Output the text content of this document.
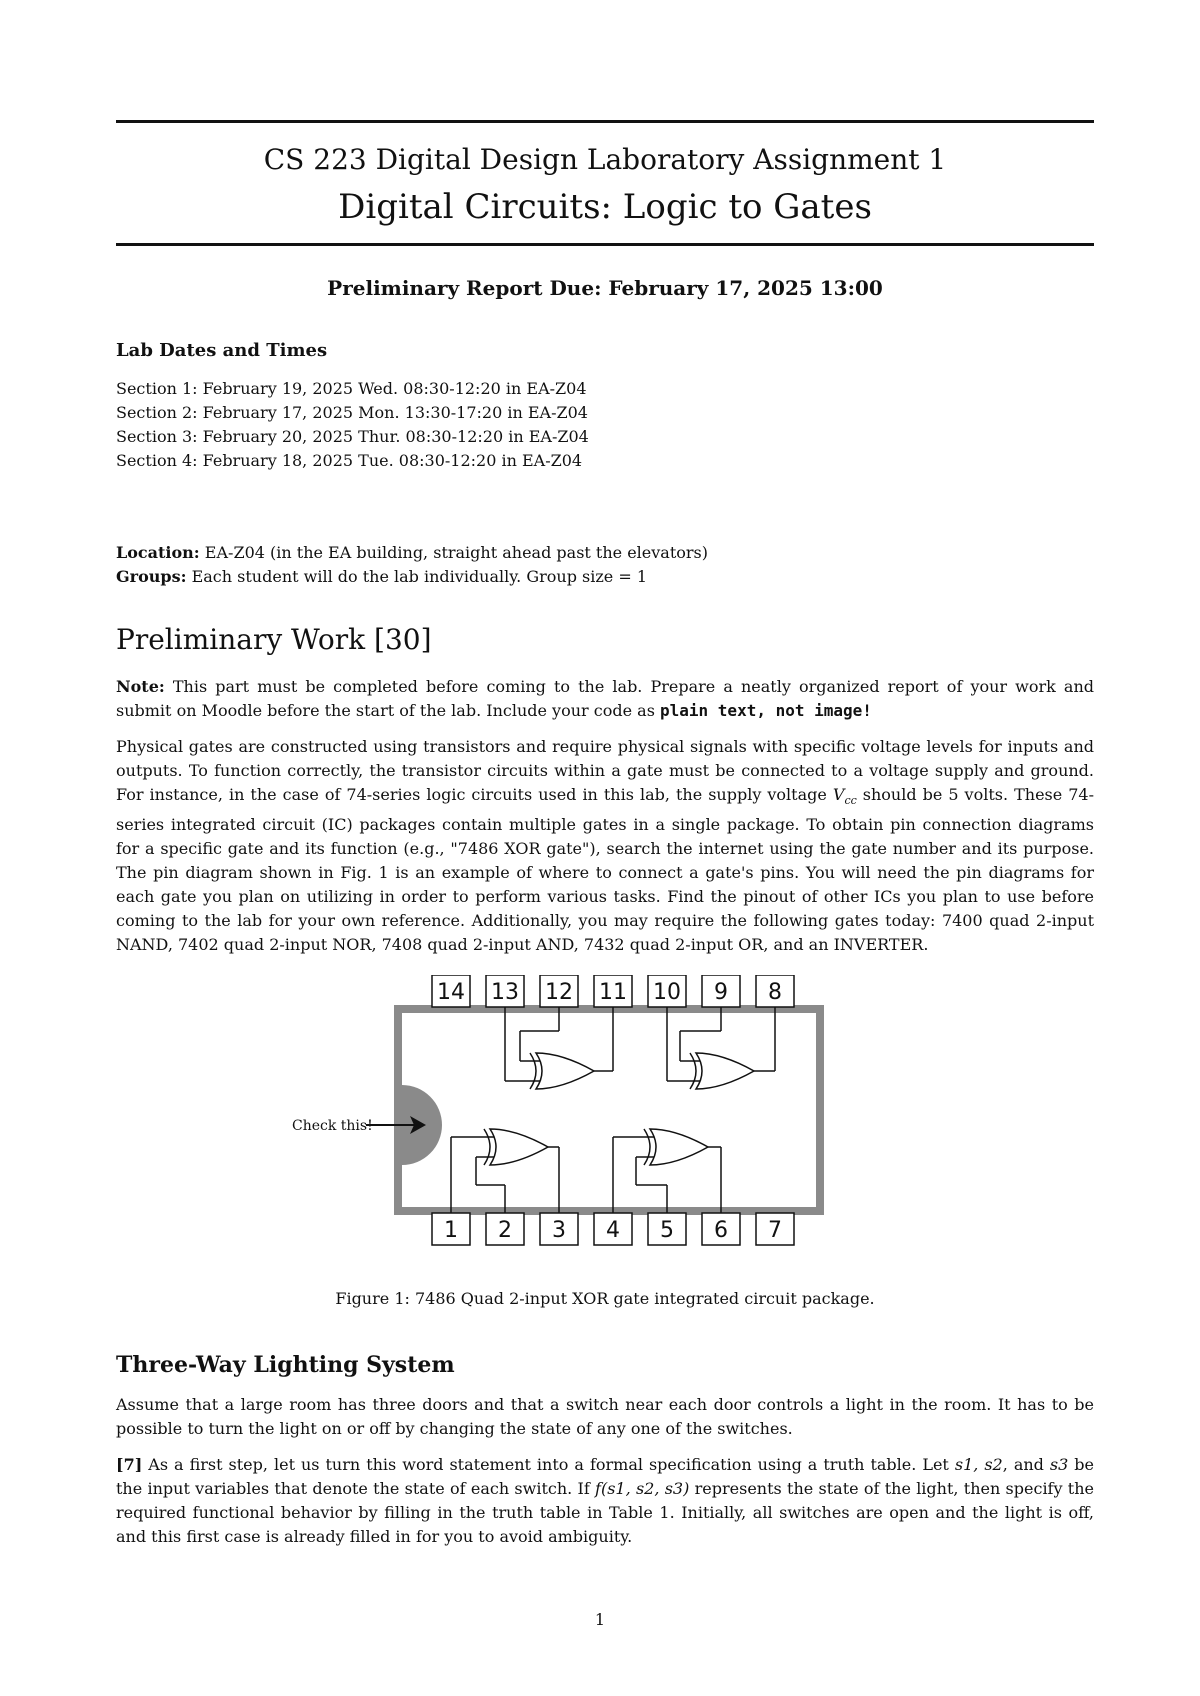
CS 223 Digital Design Laboratory Assignment 1
Digital Circuits: Logic to Gates
Preliminary Report Due: February 17, 2025 13:00
Lab Dates and Times
Section 1: February 19, 2025 Wed. 08:30-12:20 in EA-Z04
Section 2: February 17, 2025 Mon. 13:30-17:20 in EA-Z04
Section 3: February 20, 2025 Thur. 08:30-12:20 in EA-Z04
Section 4: February 18, 2025 Tue. 08:30-12:20 in EA-Z04
Location: EA-Z04 (in the EA building, straight ahead past the elevators)
Groups: Each student will do the lab individually. Group size = 1
Preliminary Work [30]

Note: This part must be completed before coming to the lab. Prepare a neatly organized report of your work and submit on Moodle before the start of the lab. Include your code as plain text, not image!

Physical gates are constructed using transistors and require physical signals with specific voltage levels for inputs and outputs. To function correctly, the transistor circuits within a gate must be connected to a voltage supply and ground. For instance, in the case of 74-series logic circuits used in this lab, the supply voltage $V_{cc}$ should be 5 volts. These 74-series integrated circuit (IC) packages contain multiple gates in a single package. To obtain pin connection diagrams for a specific gate and its function (e.g., "7486 XOR gate"), search the internet using the gate number and its purpose. The pin diagram shown in Fig. 1 is an example of where to connect a gate's pins. You will need the pin diagrams for each gate you plan on utilizing in order to perform various tasks. Find the pinout of other ICs you plan to use before coming to the lab for your own reference. Additionally, you may require the following gates today: 7400 quad 2-input NAND, 7402 quad 2-input NOR, 7408 quad 2-input AND, 7432 quad 2-input OR, and an INVERTER.

14 13 12 11 10 9 8
1 2 3 4 5 6 7
Check this!
Figure 1: 7486 Quad 2-input XOR gate integrated circuit package.
Three-Way Lighting System

Assume that a large room has three doors and that a switch near each door controls a light in the room. It has to be possible to turn the light on or off by changing the state of any one of the switches.

[7] As a first step, let us turn this word statement into a formal specification using a truth table. Let s1, s2, and s3 be the input variables that denote the state of each switch. If f(s1, s2, s3) represents the state of the light, then specify the required functional behavior by filling in the truth table in Table 1. Initially, all switches are open and the light is off, and this first case is already filled in for you to avoid ambiguity.

1
